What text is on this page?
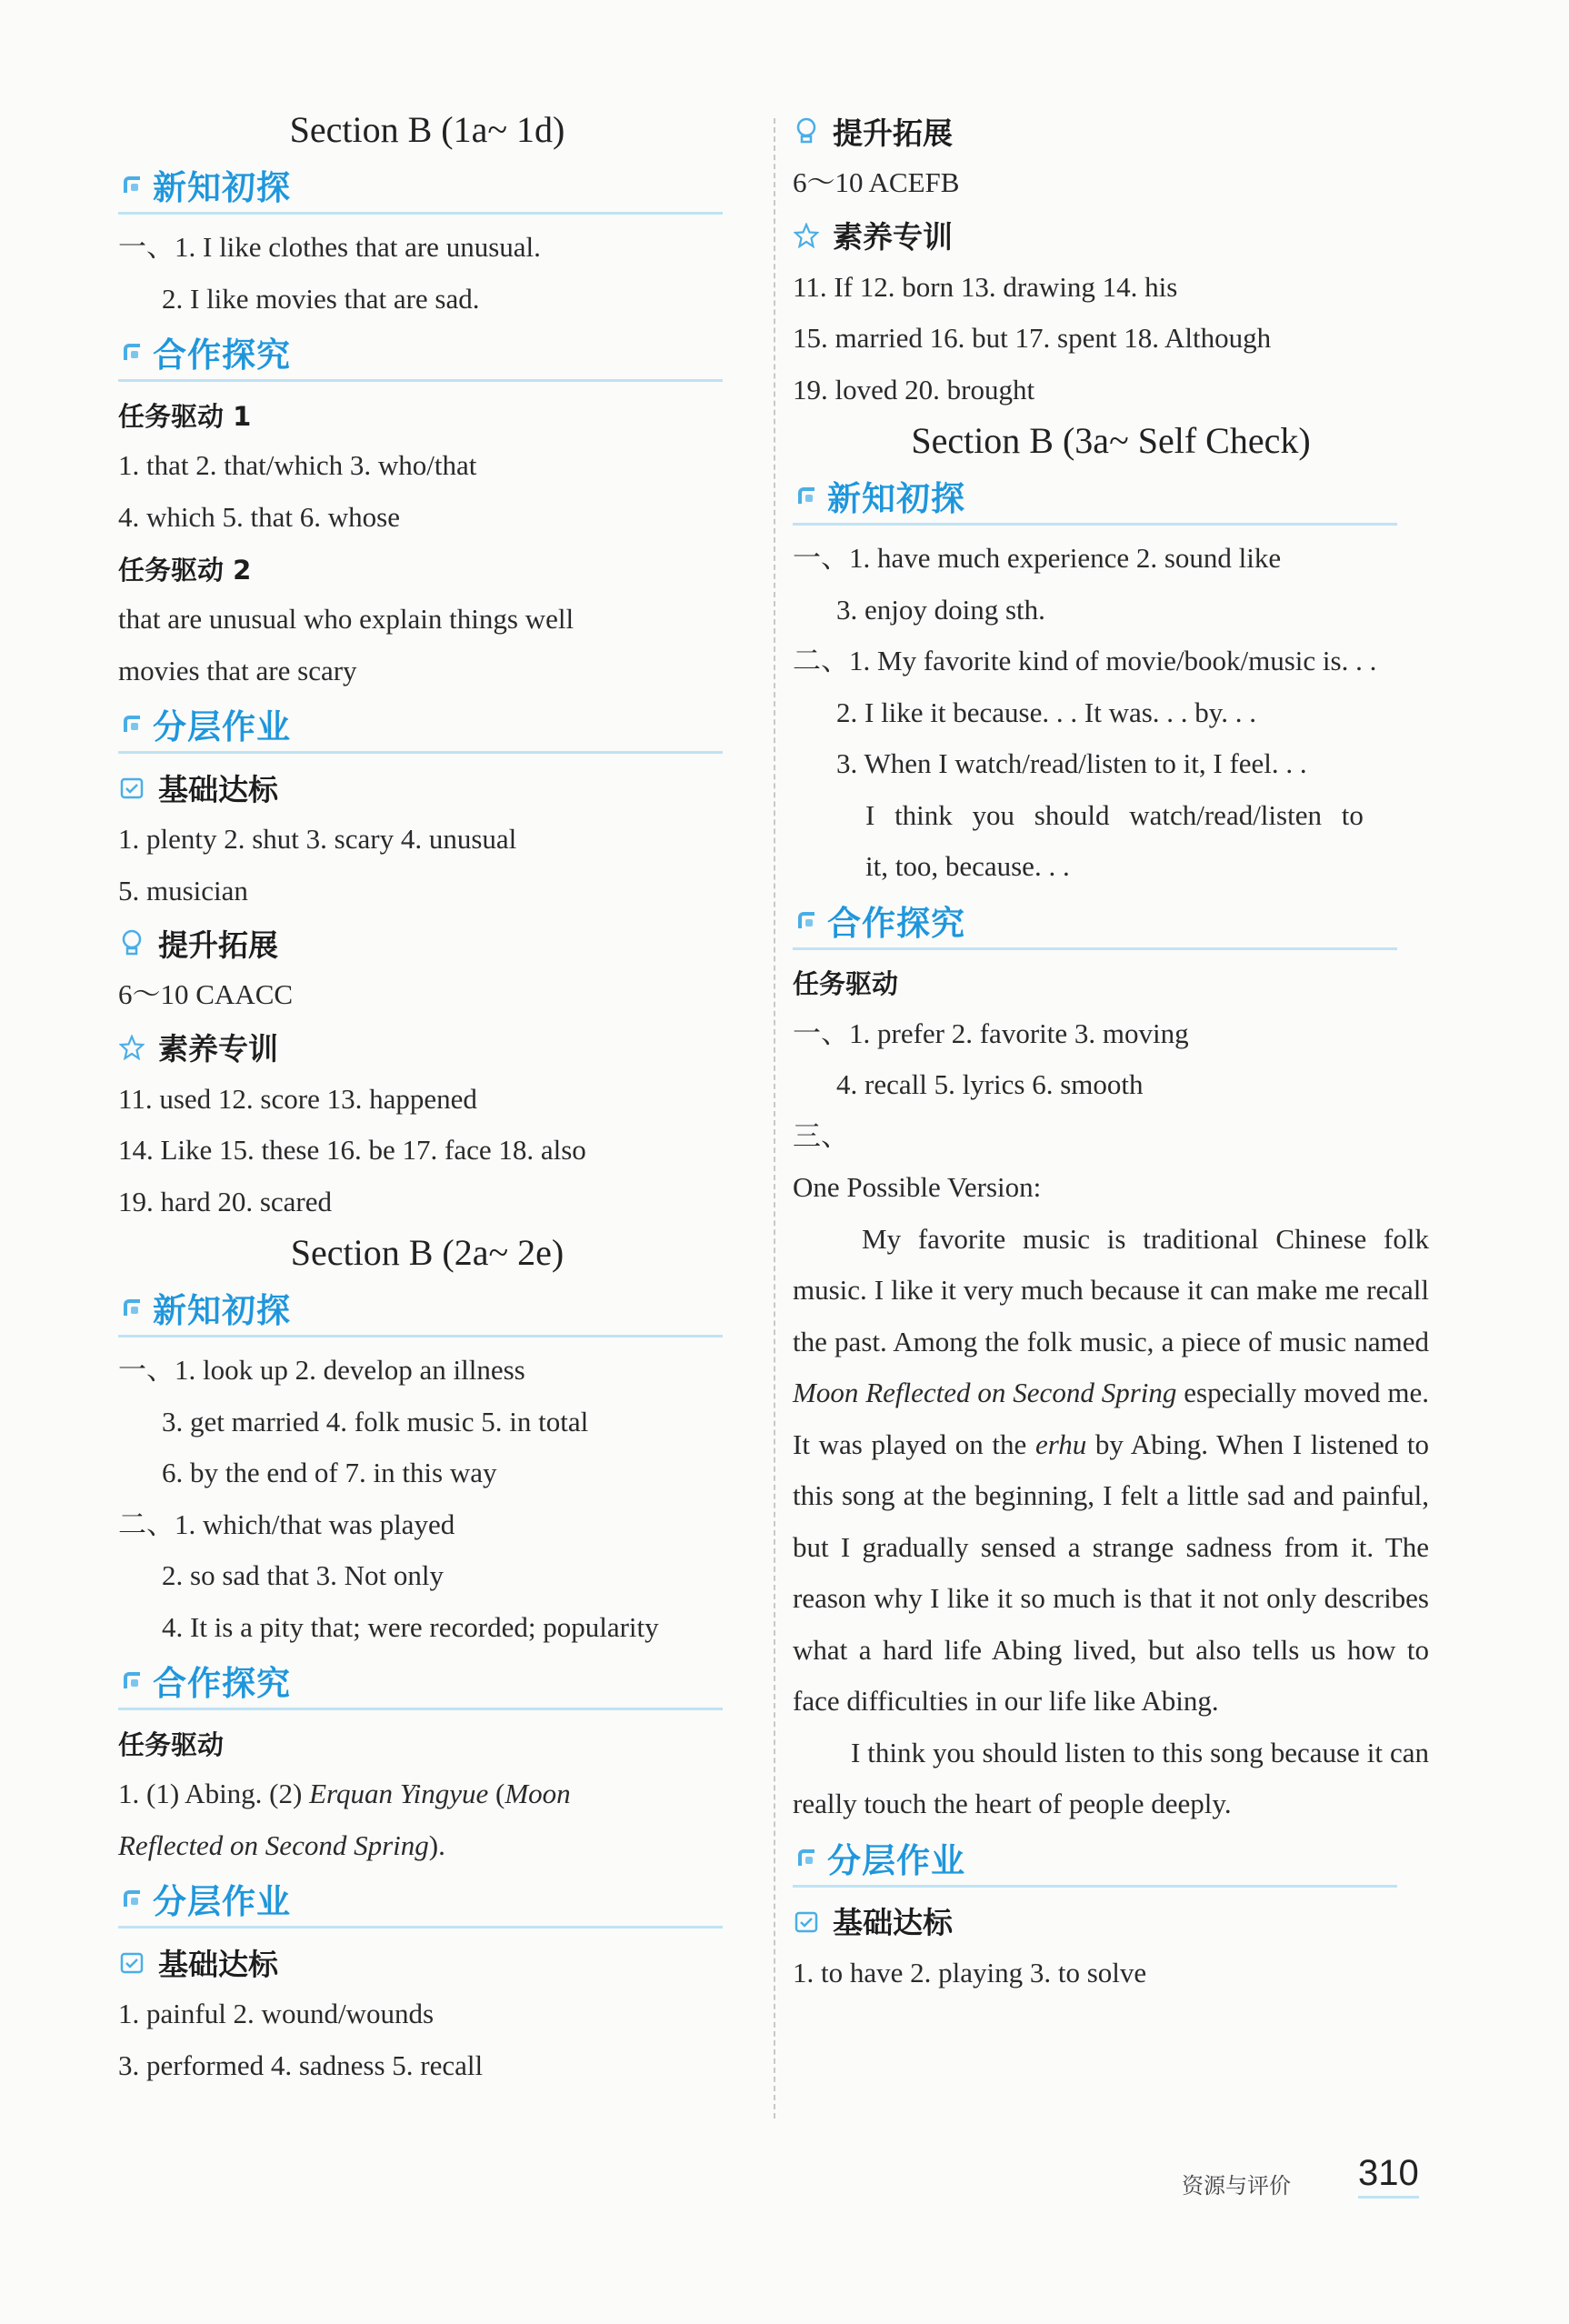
Section B (1a~ 1d)
新知初探
一、1. I like clothes that are unusual.
2. I like movies that are sad.
合作探究
任务驱动 1
1. that 2. that/which 3. who/that
4. which 5. that 6. whose
任务驱动 2
that are unusual who explain things well
movies that are scary
分层作业
基础达标
1. plenty 2. shut 3. scary 4. unusual
5. musician
提升拓展
6～10 CAACC
素养专训
11. used 12. score 13. happened
14. Like 15. these 16. be 17. face 18. also
19. hard 20. scared
Section B (2a~ 2e)
新知初探
一、1. look up 2. develop an illness
3. get married 4. folk music 5. in total
6. by the end of 7. in this way
二、1. which/that was played
2. so sad that 3. Not only
4. It is a pity that; were recorded; popularity
合作探究
任务驱动
1. (1) Abing. (2) Erquan Yingyue (Moon
Reflected on Second Spring).
分层作业
基础达标
1. painful 2. wound/wounds
3. performed 4. sadness 5. recall
提升拓展
6～10 ACEFB
素养专训
11. If 12. born 13. drawing 14. his
15. married 16. but 17. spent 18. Although
19. loved 20. brought
Section B (3a~ Self Check)
新知初探
一、1. have much experience 2. sound like
3. enjoy doing sth.
二、1. My favorite kind of movie/book/music is. . .
2. I like it because. . . It was. . . by. . .
3. When I watch/read/listen to it, I feel. . .
I think you should watch/read/listen to
it, too, because. . .
合作探究
任务驱动
一、1. prefer 2. favorite 3. moving
4. recall 5. lyrics 6. smooth
三、
One Possible Version:

My favorite music is traditional Chinese folk music. I like it very much because it can make me recall the past. Among the folk music, a piece of music named Moon Reflected on Second Spring especially moved me. It was played on the erhu by Abing. When I listened to this song at the beginning, I felt a little sad and painful, but I gradually sensed a strange sadness from it. The reason why I like it so much is that it not only describes what a hard life Abing lived, but also tells us how to face difficulties in our life like Abing.

I think you should listen to this song because it can really touch the heart of people deeply.

分层作业
基础达标
1. to have 2. playing 3. to solve
资源与评价 310
